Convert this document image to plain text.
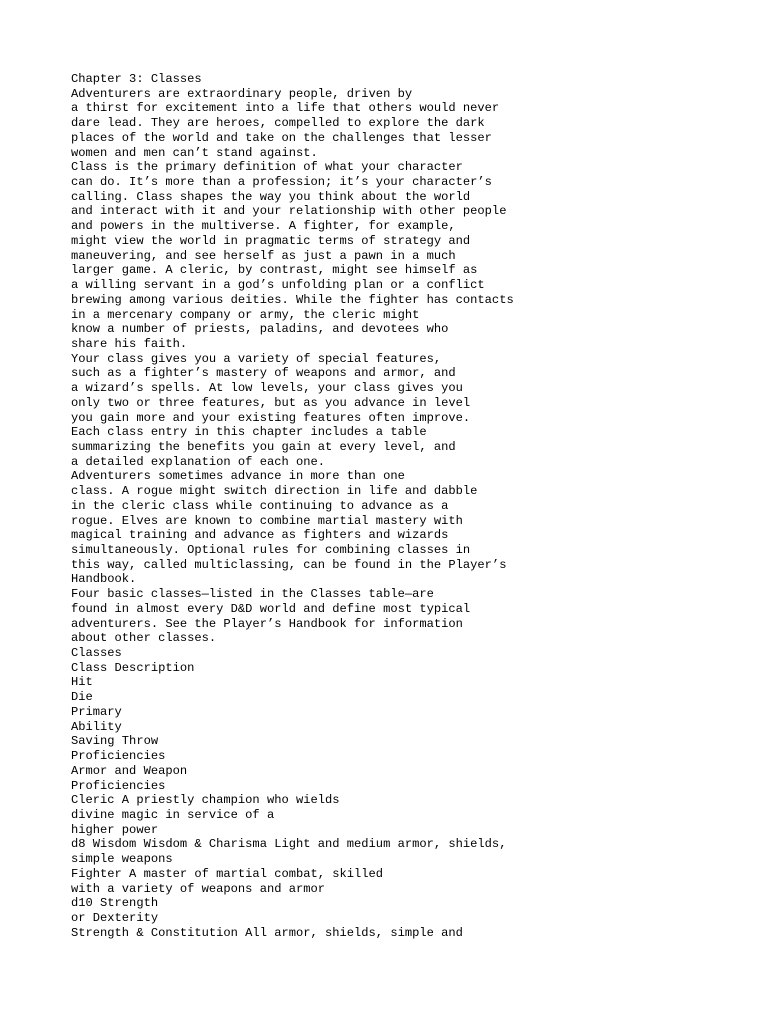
Chapter 3: Classes
Adventurers are extraordinary people, driven by
a thirst for excitement into a life that others would never
dare lead. They are heroes, compelled to explore the dark
places of the world and take on the challenges that lesser
women and men can’t stand against.
Class is the primary definition of what your character
can do. It’s more than a profession; it’s your character’s
calling. Class shapes the way you think about the world
and interact with it and your relationship with other people
and powers in the multiverse. A fighter, for example,
might view the world in pragmatic terms of strategy and
maneuvering, and see herself as just a pawn in a much
larger game. A cleric, by contrast, might see himself as
a willing servant in a god’s unfolding plan or a conflict
brewing among various deities. While the fighter has contacts
in a mercenary company or army, the cleric might
know a number of priests, paladins, and devotees who
share his faith.
Your class gives you a variety of special features,
such as a fighter’s mastery of weapons and armor, and
a wizard’s spells. At low levels, your class gives you
only two or three features, but as you advance in level
you gain more and your existing features often improve.
Each class entry in this chapter includes a table
summarizing the benefits you gain at every level, and
a detailed explanation of each one.
Adventurers sometimes advance in more than one
class. A rogue might switch direction in life and dabble
in the cleric class while continuing to advance as a
rogue. Elves are known to combine martial mastery with
magical training and advance as fighters and wizards
simultaneously. Optional rules for combining classes in
this way, called multiclassing, can be found in the Player’s
Handbook.
Four basic classes—listed in the Classes table—are
found in almost every D&D world and define most typical
adventurers. See the Player’s Handbook for information
about other classes.
Classes
Class Description
Hit
Die
Primary
Ability
Saving Throw
Proficiencies
Armor and Weapon
Proficiencies
Cleric A priestly champion who wields
divine magic in service of a
higher power
d8 Wisdom Wisdom & Charisma Light and medium armor, shields,
simple weapons
Fighter A master of martial combat, skilled
with a variety of weapons and armor
d10 Strength
or Dexterity
Strength & Constitution All armor, shields, simple and
